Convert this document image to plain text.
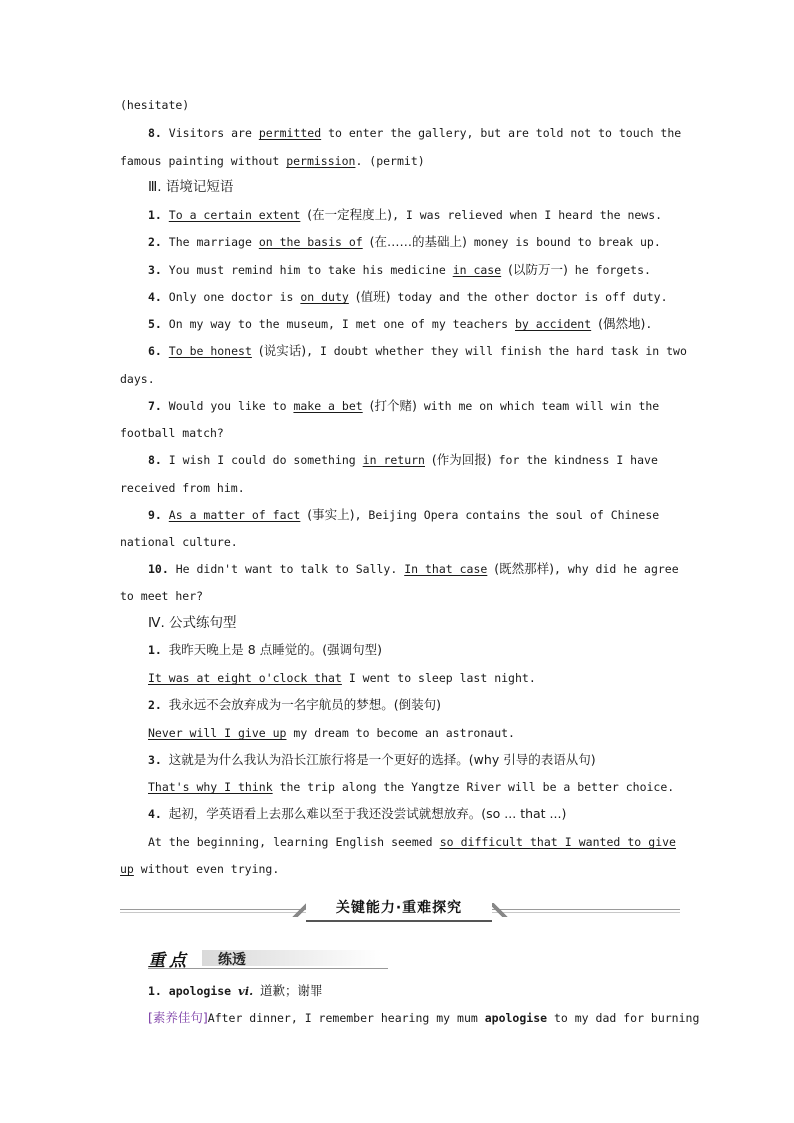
(hesitate)
8. Visitors are permitted to enter the gallery, but are told not to touch the
famous painting without permission. (permit)
Ⅲ. 语境记短语
1. To a certain extent (在一定程度上), I was relieved when I heard the news.
2. The marriage on the basis of (在……的基础上) money is bound to break up.
3. You must remind him to take his medicine in case (以防万一) he forgets.
4. Only one doctor is on duty (值班) today and the other doctor is off duty.
5. On my way to the museum, I met one of my teachers by accident (偶然地).
6. To be honest (说实话), I doubt whether they will finish the hard task in two
days.
7. Would you like to make a bet (打个赌) with me on which team will win the
football match?
8. I wish I could do something in return (作为回报) for the kindness I have
received from him.
9. As a matter of fact (事实上), Beijing Opera contains the soul of Chinese
national culture.
10. He didn't want to talk to Sally. In that case (既然那样), why did he agree
to meet her?
Ⅳ. 公式练句型
1. 我昨天晚上是 8 点睡觉的。(强调句型)
It was at eight o'clock that I went to sleep last night.
2. 我永远不会放弃成为一名宇航员的梦想。(倒装句)
Never will I give up my dream to become an astronaut.
3. 这就是为什么我认为沿长江旅行将是一个更好的选择。(why 引导的表语从句)
That's why I think the trip along the Yangtze River will be a better choice.
4. 起初，学英语看上去那么难以至于我还没尝试就想放弃。(so ... that ...)
At the beginning, learning English seemed so difficult that I wanted to give
up without even trying.
关键能力·重难探究
重点 练透
1. apologise vi. 道歉；谢罪
[素养佳句]After dinner, I remember hearing my mum apologise to my dad for burning
